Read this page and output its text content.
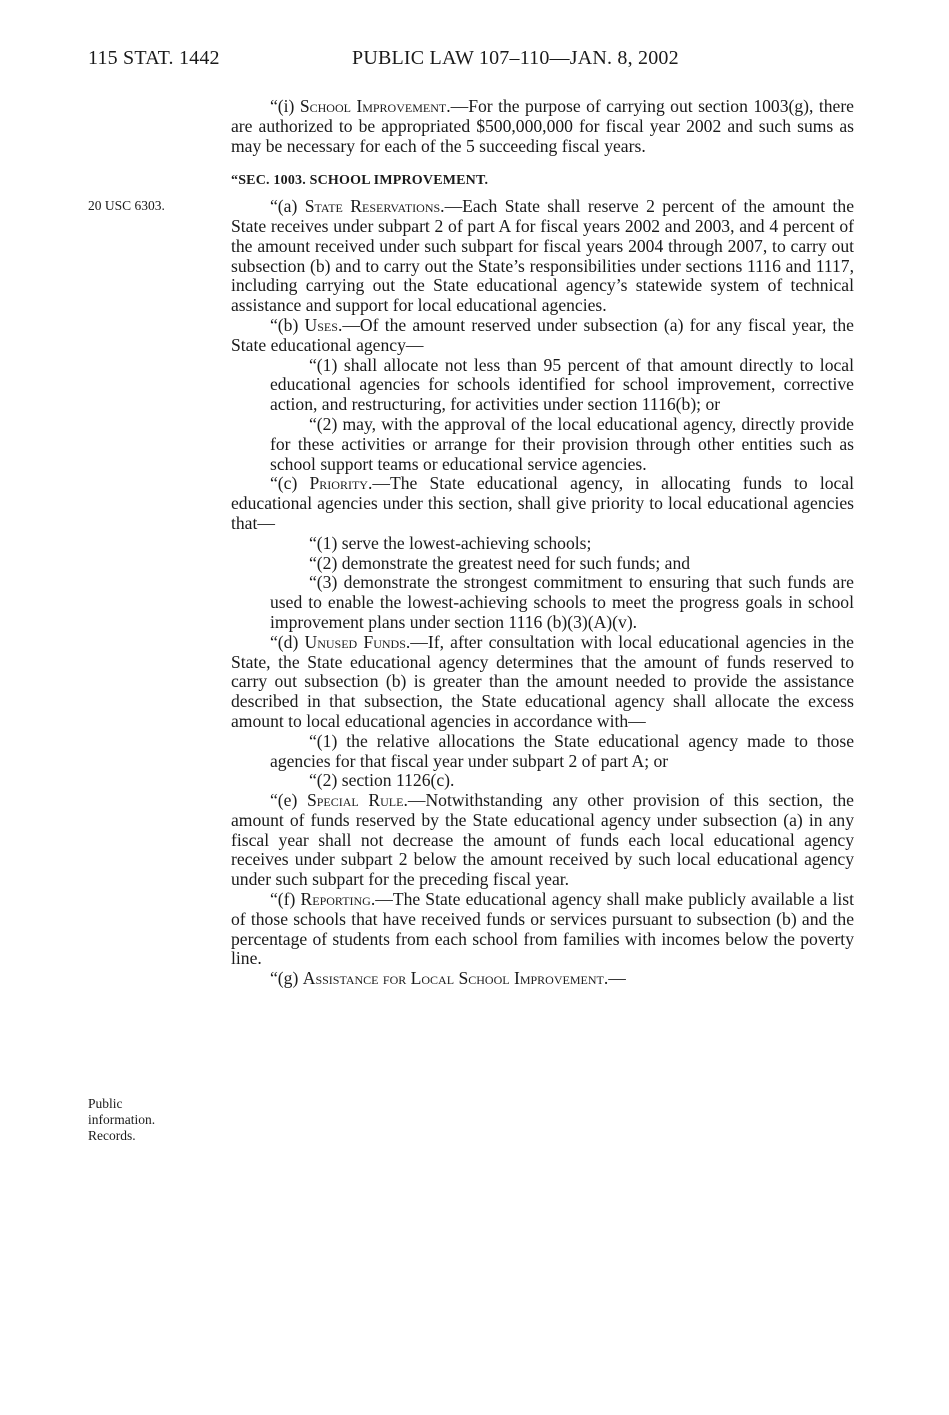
115 STAT. 1442	PUBLIC LAW 107–110—JAN. 8, 2002
20 USC 6303.
Public information. Records.

“(i) School Improvement.—For the purpose of carrying out section 1003(g), there are authorized to be appropriated $500,000,000 for fiscal year 2002 and such sums as may be necessary for each of the 5 succeeding fiscal years.

“SEC. 1003. SCHOOL IMPROVEMENT.

“(a) State Reservations.—Each State shall reserve 2 percent of the amount the State receives under subpart 2 of part A for fiscal years 2002 and 2003, and 4 percent of the amount received under such subpart for fiscal years 2004 through 2007, to carry out subsection (b) and to carry out the State’s responsibilities under sections 1116 and 1117, including carrying out the State educational agency’s statewide system of technical assistance and support for local educational agencies.

“(b) Uses.—Of the amount reserved under subsection (a) for any fiscal year, the State educational agency—

“(1) shall allocate not less than 95 percent of that amount directly to local educational agencies for schools identified for school improvement, corrective action, and restructuring, for activities under section 1116(b); or

“(2) may, with the approval of the local educational agency, directly provide for these activities or arrange for their provision through other entities such as school support teams or educational service agencies.

“(c) Priority.—The State educational agency, in allocating funds to local educational agencies under this section, shall give priority to local educational agencies that—

“(1) serve the lowest-achieving schools;

“(2) demonstrate the greatest need for such funds; and

“(3) demonstrate the strongest commitment to ensuring that such funds are used to enable the lowest-achieving schools to meet the progress goals in school improvement plans under section 1116 (b)(3)(A)(v).

“(d) Unused Funds.—If, after consultation with local educational agencies in the State, the State educational agency determines that the amount of funds reserved to carry out subsection (b) is greater than the amount needed to provide the assistance described in that subsection, the State educational agency shall allocate the excess amount to local educational agencies in accordance with—

“(1) the relative allocations the State educational agency made to those agencies for that fiscal year under subpart 2 of part A; or

“(2) section 1126(c).

“(e) Special Rule.—Notwithstanding any other provision of this section, the amount of funds reserved by the State educational agency under subsection (a) in any fiscal year shall not decrease the amount of funds each local educational agency receives under subpart 2 below the amount received by such local educational agency under such subpart for the preceding fiscal year.

“(f) Reporting.—The State educational agency shall make publicly available a list of those schools that have received funds or services pursuant to subsection (b) and the percentage of students from each school from families with incomes below the poverty line.

“(g) Assistance for Local School Improvement.—
